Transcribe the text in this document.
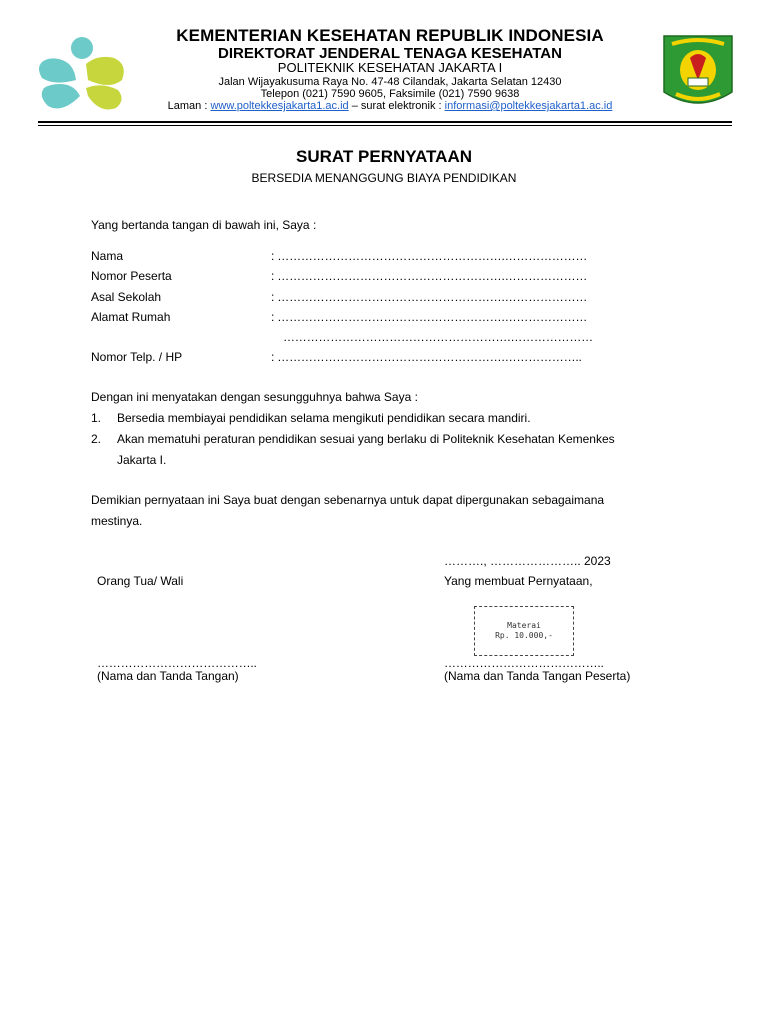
KEMENTERIAN KESEHATAN REPUBLIK INDONESIA
DIREKTORAT JENDERAL TENAGA KESEHATAN
POLITEKNIK KESEHATAN JAKARTA I
Jalan Wijayakusuma Raya No. 47-48 Cilandak, Jakarta Selatan 12430
Telepon (021) 7590 9605, Faksimile (021) 7590 9638
Laman : www.poltekkesjakarta1.ac.id – surat elektronik : informasi@poltekkesjakarta1.ac.id
SURAT PERNYATAAN
BERSEDIA MENANGGUNG BIAYA PENDIDIKAN
Yang bertanda tangan di bawah ini, Saya :
Nama	: ………………………………………………….…………………
Nomor Peserta	: ………………………………………………….…………………
Asal Sekolah	: ………………………………………………….…………………
Alamat Rumah	: ………………………………………………….…………………
………………………………………………….…………………
Nomor Telp. / HP	: ………………………………………………….………………..
Dengan ini menyatakan dengan sesungguhnya bahwa Saya :
1. Bersedia membiayai pendidikan selama mengikuti pendidikan secara mandiri.
2. Akan mematuhi peraturan pendidikan sesuai yang berlaku di Politeknik Kesehatan Kemenkes
Jakarta I.
Demikian pernyataan ini Saya buat dengan sebenarnya untuk dapat dipergunakan sebagaimana
mestinya.
………., ………………….. 2023
Orang Tua/ Wali	Yang membuat Pernyataan,
Materai
Rp. 10.000,-
…………………………………..	…………………………………..
(Nama dan Tanda Tangan)	(Nama dan Tanda Tangan Peserta)
